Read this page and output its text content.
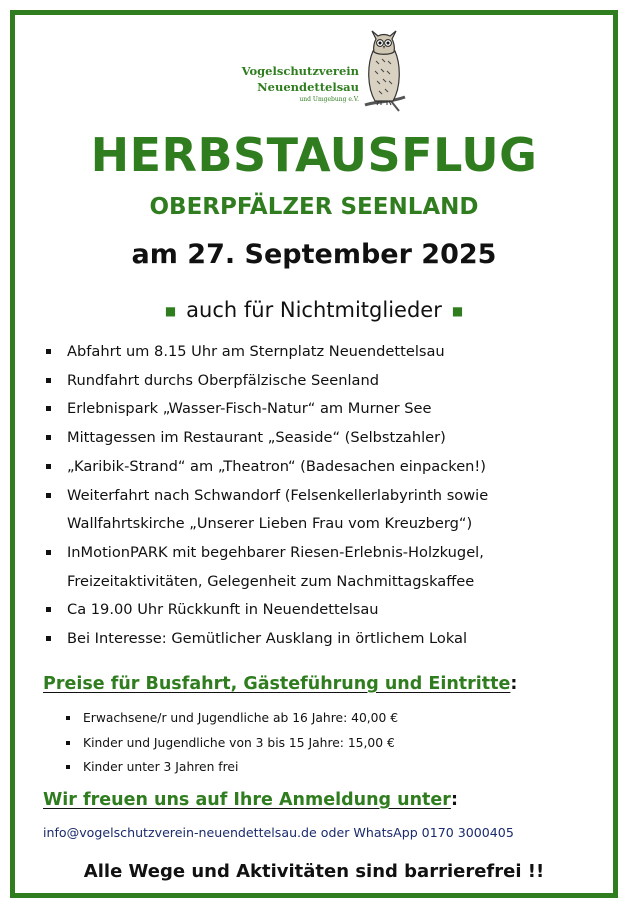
Vogelschutzverein
Neuendettelsau
und Umgebung e.V.
HERBSTAUSFLUG
OBERPFÄLZER SEENLAND
am 27. September 2025
■ auch für Nichtmitglieder ■
Abfahrt um 8.15 Uhr am Sternplatz Neuendettelsau
Rundfahrt durchs Oberpfälzische Seenland
Erlebnispark „Wasser-Fisch-Natur“ am Murner See
Mittagessen im Restaurant „Seaside“ (Selbstzahler)
„Karibik-Strand“ am „Theatron“ (Badesachen einpacken!)
Weiterfahrt nach Schwandorf (Felsenkellerlabyrinth sowie
Wallfahrtskirche „Unserer Lieben Frau vom Kreuzberg“)
InMotionPARK mit begehbarer Riesen-Erlebnis-Holzkugel,
Freizeitaktivitäten, Gelegenheit zum Nachmittagskaffee
Ca 19.00 Uhr Rückkunft in Neuendettelsau
Bei Interesse: Gemütlicher Ausklang in örtlichem Lokal
Preise für Busfahrt, Gästeführung und Eintritte:
Erwachsene/r und Jugendliche ab 16 Jahre: 40,00 €
Kinder und Jugendliche von 3 bis 15 Jahre: 15,00 €
Kinder unter 3 Jahren frei
Wir freuen uns auf Ihre Anmeldung unter:
info@vogelschutzverein-neuendettelsau.de oder WhatsApp 0170 3000405
Alle Wege und Aktivitäten sind barrierefrei !!
